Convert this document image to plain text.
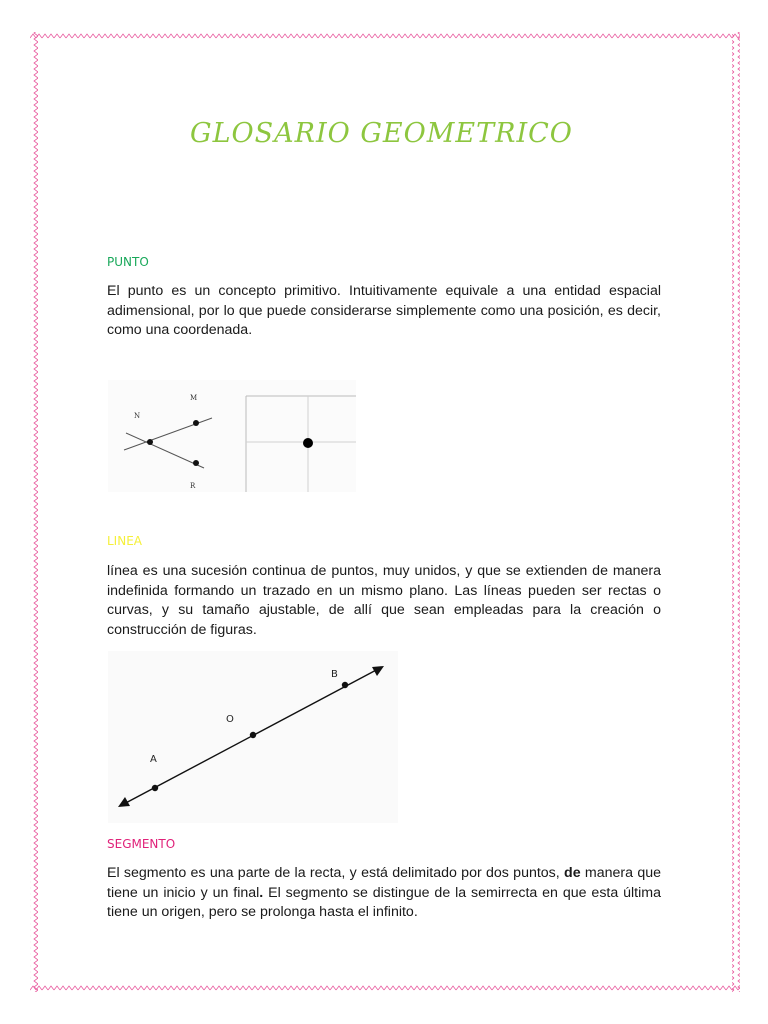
GLOSARIO GEOMETRICO
PUNTO

El punto es un concepto primitivo. Intuitivamente equivale a una entidad espacial adimensional, por lo que puede considerarse simplemente como una posición, es decir, como una coordenada.

N
M
R
LINEA

línea es una sucesión continua de puntos, muy unidos, y que se extienden de manera indefinida formando un trazado en un mismo plano. Las líneas pueden ser rectas o curvas, y su tamaño ajustable, de allí que sean empleadas para la creación o construcción de figuras.

B
O
A
SEGMENTO

El segmento es una parte de la recta, y está delimitado por dos puntos, de manera que tiene un inicio y un final. El segmento se distingue de la semirrecta en que esta última tiene un origen, pero se prolonga hasta el infinito.
